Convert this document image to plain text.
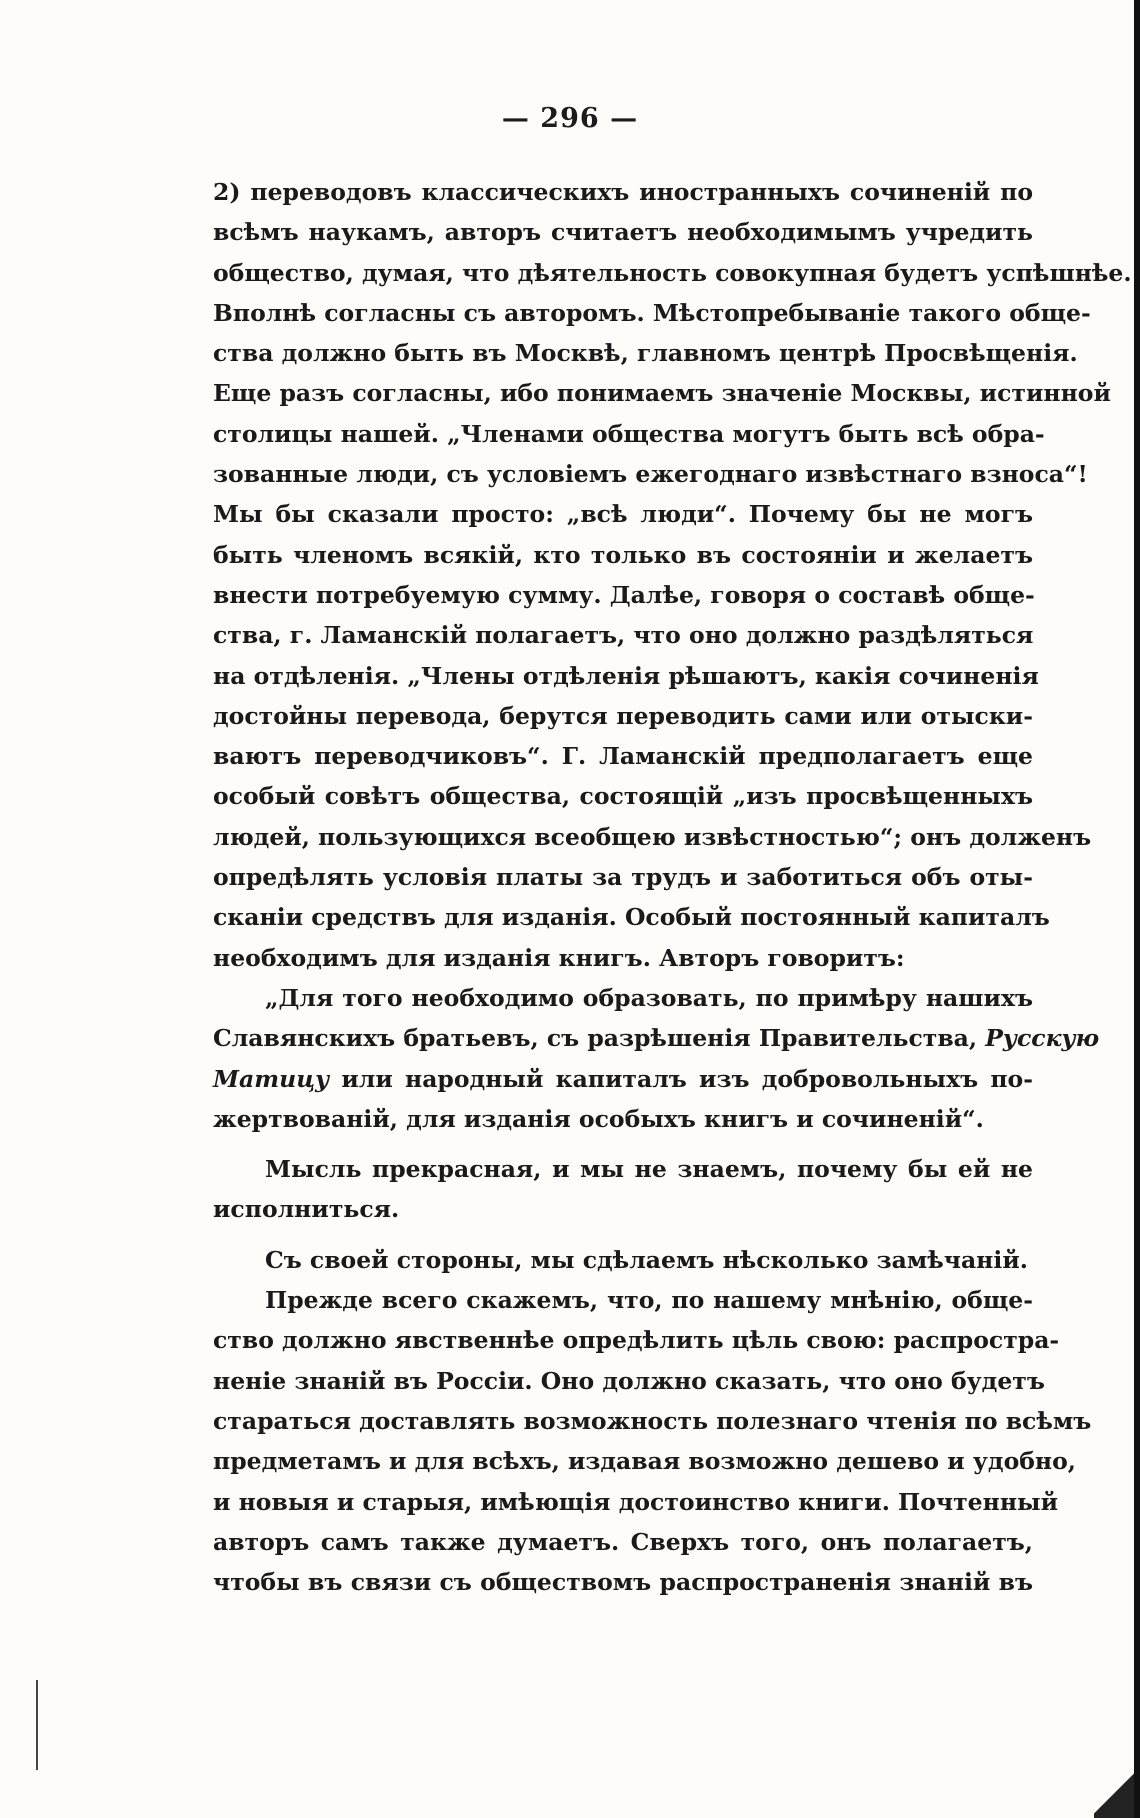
— 296 —
2) переводовъ классическихъ иностранныхъ сочиненій по
всѣмъ наукамъ, авторъ считаетъ необходимымъ учредить
общество, думая, что дѣятельность совокупная будетъ успѣшнѣе.
Вполнѣ согласны съ авторомъ. Мѣстопребываніе такого обще-
ства должно быть въ Москвѣ, главномъ центрѣ Просвѣщенія.
Еще разъ согласны, ибо понимаемъ значеніе Москвы, истинной
столицы нашей. „Членами общества могутъ быть всѣ обра-
зованные люди, съ условіемъ ежегоднаго извѣстнаго взноса“!
Мы бы сказали просто: „всѣ люди“. Почему бы не могъ
быть членомъ всякій, кто только въ состояніи и желаетъ
внести потребуемую сумму. Далѣе, говоря о составѣ обще-
ства, г. Ламанскій полагаетъ, что оно должно раздѣляться
на отдѣленія. „Члены отдѣленія рѣшаютъ, какія сочиненія
достойны перевода, берутся переводить сами или отыски-
ваютъ переводчиковъ“. Г. Ламанскій предполагаетъ еще
особый совѣтъ общества, состоящій „изъ просвѣщенныхъ
людей, пользующихся всеобщею извѣстностью“; онъ долженъ
опредѣлять условія платы за трудъ и заботиться объ оты-
сканіи средствъ для изданія. Особый постоянный капиталъ
необходимъ для изданія книгъ. Авторъ говоритъ:
„Для того необходимо образовать, по примѣру нашихъ
Славянскихъ братьевъ, съ разрѣшенія Правительства, Русскую
Матицу или народный капиталъ изъ добровольныхъ по-
жертвованій, для изданія особыхъ книгъ и сочиненій“.
Мысль прекрасная, и мы не знаемъ, почему бы ей не
исполниться.
Съ своей стороны, мы сдѣлаемъ нѣсколько замѣчаній.
Прежде всего скажемъ, что, по нашему мнѣнію, обще-
ство должно явственнѣе опредѣлить цѣль свою: распростра-
неніе знаній въ Россіи. Оно должно сказать, что оно будетъ
стараться доставлять возможность полезнаго чтенія по всѣмъ
предметамъ и для всѣхъ, издавая возможно дешево и удобно,
и новыя и старыя, имѣющія достоинство книги. Почтенный
авторъ самъ также думаетъ. Сверхъ того, онъ полагаетъ,
чтобы въ связи съ обществомъ распространенія знаній въ
